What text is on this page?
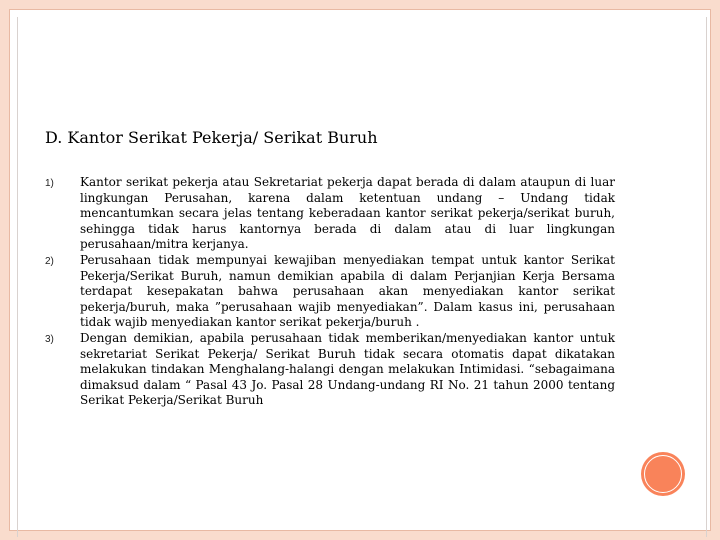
D. Kantor Serikat Pekerja/ Serikat Buruh
1) Kantor serikat pekerja atau Sekretariat pekerja dapat berada di dalam ataupun di luar lingkungan Perusahan, karena dalam ketentuan undang – Undang tidak mencantumkan secara jelas tentang keberadaan kantor serikat pekerja/serikat buruh, sehingga tidak harus kantornya berada di dalam atau di luar lingkungan perusahaan/mitra kerjanya.
2) Perusahaan tidak mempunyai kewajiban menyediakan tempat untuk kantor Serikat Pekerja/Serikat Buruh, namun demikian apabila di dalam Perjanjian Kerja Bersama terdapat kesepakatan bahwa perusahaan akan menyediakan kantor serikat pekerja/buruh, maka ”perusahaan wajib menyediakan”. Dalam kasus ini, perusahaan tidak wajib menyediakan kantor serikat pekerja/buruh .
3) Dengan demikian, apabila perusahaan tidak memberikan/menyediakan kantor untuk sekretariat Serikat Pekerja/ Serikat Buruh tidak secara otomatis dapat dikatakan melakukan tindakan Menghalang-halangi dengan melakukan Intimidasi. “sebagaimana dimaksud dalam “ Pasal 43 Jo. Pasal 28 Undang-undang RI No. 21 tahun 2000 tentang Serikat Pekerja/Serikat Buruh
